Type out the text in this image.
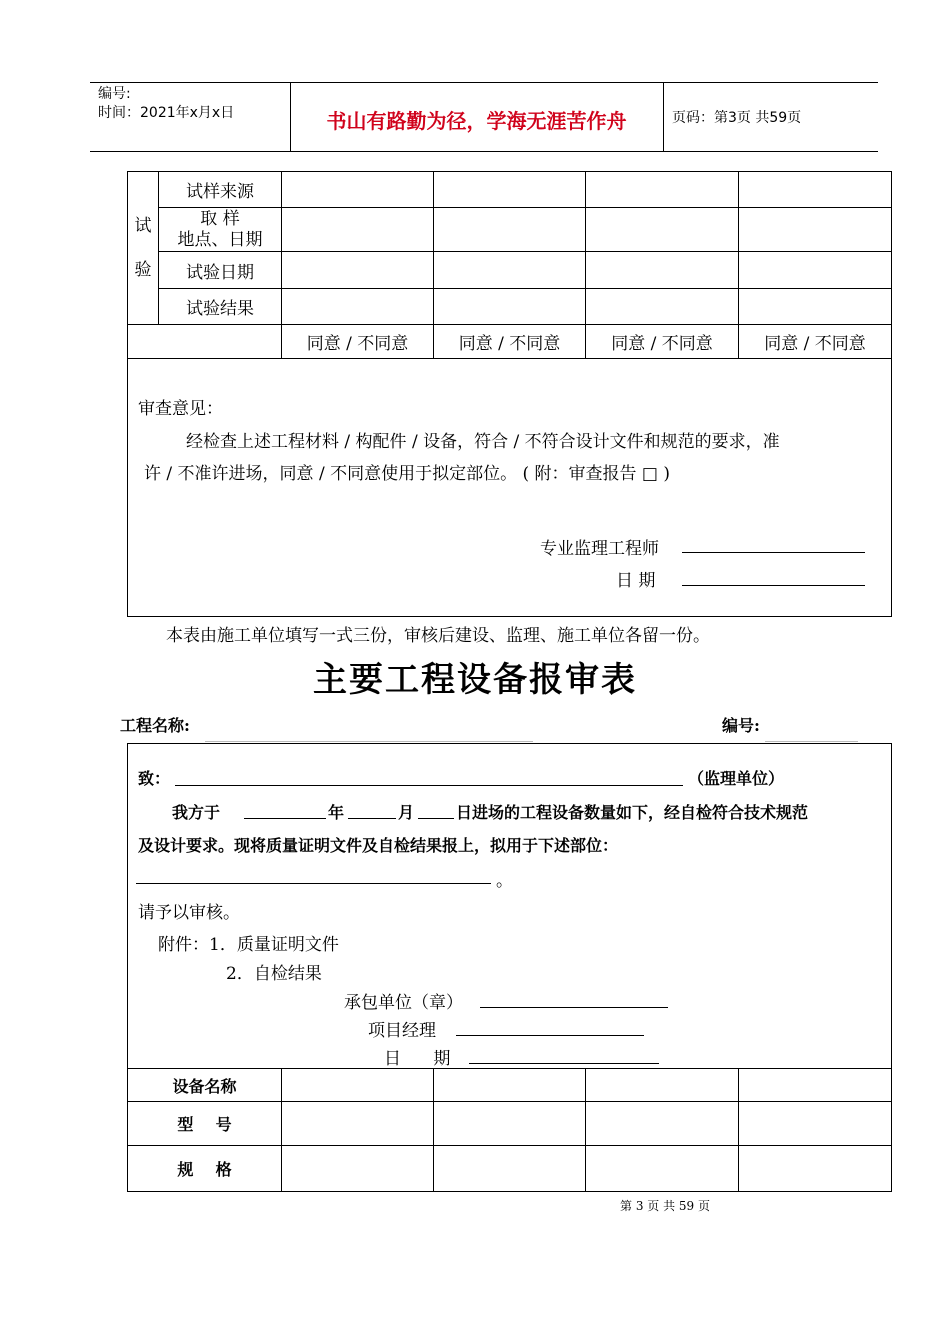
编号:
时间：2021年x月x日	书山有路勤为径，学海无涯苦作舟	页码：第3页 共59页
试
验	试样来源				

	取 样
地点、日期				

	试验日期				
	试验结果				
		同意 / 不同意	同意 / 不同意	同意 / 不同意	同意 / 不同意
审查意见：
经检查上述工程材料 / 构配件 / 设备，符合 / 不符合设计文件和规范的要求，准
许 / 不准许进场，同意 / 不同意使用于拟定部位。 ( 附：审查报告 □ )
专业监理工程师
日 期
本表由施工单位填写一式三份，审核后建设、监理、施工单位各留一份。
主要工程设备报审表
工程名称:	编号:
致：	（监理单位）
我方于	年	月	日进场的工程设备数量如下，经自检符合技术规范
及设计要求。现将质量证明文件及自检结果报上，拟用于下述部位：
。
请予以审核。
附件：1．质量证明文件
2．自检结果
承包单位（章）
项目经理
日      期
设备名称				
型    号				
规    格				
第 3 页 共 59 页
